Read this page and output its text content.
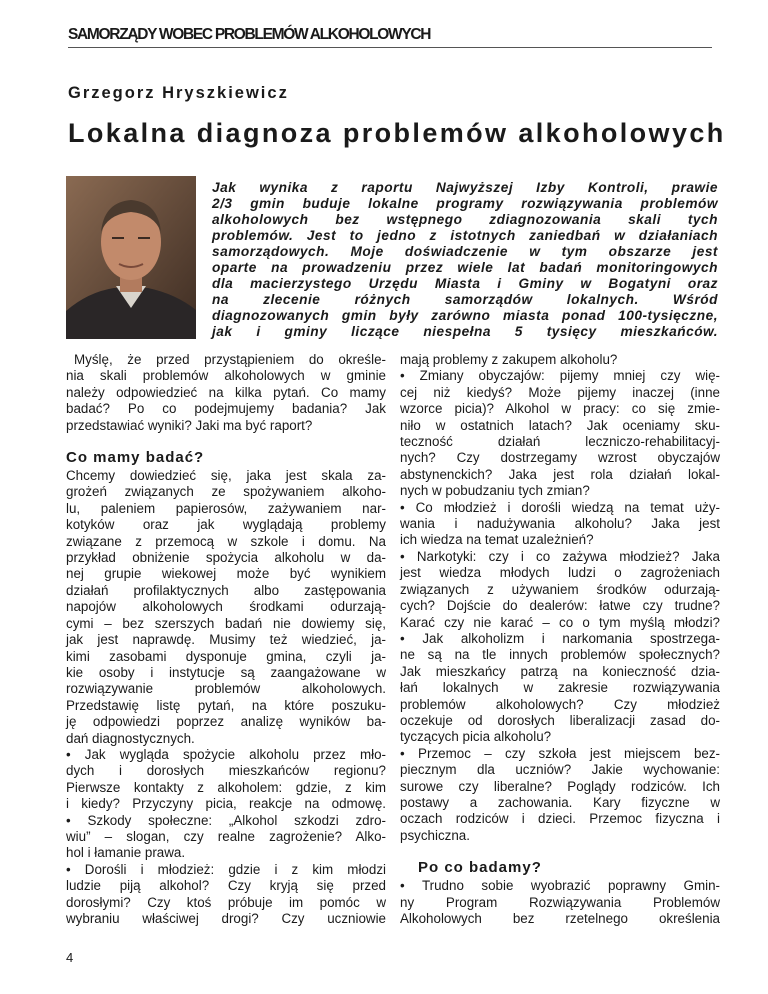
SAMORZĄDY WOBEC PROBLEMÓW ALKOHOLOWYCH
Grzegorz Hryszkiewicz
Lokalna diagnoza problemów alkoholowych
Jak wynika z raportu Najwyższej Izby Kontroli, prawie
2/3 gmin buduje lokalne programy rozwiązywania problemów
alkoholowych bez wstępnego zdiagnozowania skali tych
problemów. Jest to jedno z istotnych zaniedbań w działaniach
samorządowych. Moje doświadczenie w tym obszarze jest
oparte na prowadzeniu przez wiele lat badań monitoringowych
dla macierzystego Urzędu Miasta i Gminy w Bogatyni oraz
na zlecenie różnych samorządów lokalnych. Wśród
diagnozowanych gmin były zarówno miasta ponad 100-tysięczne,
jak i gminy liczące niespełna 5 tysięcy mieszkańców.
Myślę, że przed przystąpieniem do określe-
nia skali problemów alkoholowych w gminie
należy odpowiedzieć na kilka pytań. Co mamy
badać? Po co podejmujemy badania? Jak
przedstawiać wyniki? Jaki ma być raport?
Co mamy badać?
Chcemy dowiedzieć się, jaka jest skala za-
grożeń związanych ze spożywaniem alkoho-
lu, paleniem papierosów, zażywaniem nar-
kotyków oraz jak wyglądają problemy
związane z przemocą w szkole i domu. Na
przykład obniżenie spożycia alkoholu w da-
nej grupie wiekowej może być wynikiem
działań profilaktycznych albo zastępowania
napojów alkoholowych środkami odurzają-
cymi – bez szerszych badań nie dowiemy się,
jak jest naprawdę. Musimy też wiedzieć, ja-
kimi zasobami dysponuje gmina, czyli ja-
kie osoby i instytucje są zaangażowane w
rozwiązywanie problemów alkoholowych.
Przedstawię listę pytań, na które poszuku-
ję odpowiedzi poprzez analizę wyników ba-
dań diagnostycznych.
• Jak wygląda spożycie alkoholu przez mło-
dych i dorosłych mieszkańców regionu?
Pierwsze kontakty z alkoholem: gdzie, z kim
i kiedy? Przyczyny picia, reakcje na odmowę.
• Szkody społeczne: „Alkohol szkodzi zdro-
wiu” – slogan, czy realne zagrożenie? Alko-
hol i łamanie prawa.
• Dorośli i młodzież: gdzie i z kim młodzi
ludzie piją alkohol? Czy kryją się przed
dorosłymi? Czy ktoś próbuje im pomóc w
wybraniu właściwej drogi? Czy uczniowie
mają problemy z zakupem alkoholu?
• Zmiany obyczajów: pijemy mniej czy wię-
cej niż kiedyś? Może pijemy inaczej (inne
wzorce picia)? Alkohol w pracy: co się zmie-
niło w ostatnich latach? Jak oceniamy sku-
teczność działań leczniczo-rehabilitacyj-
nych? Czy dostrzegamy wzrost obyczajów
abstynenckich? Jaka jest rola działań lokal-
nych w pobudzaniu tych zmian?
• Co młodzież i dorośli wiedzą na temat uży-
wania i nadużywania alkoholu? Jaka jest
ich wiedza na temat uzależnień?
• Narkotyki: czy i co zażywa młodzież? Jaka
jest wiedza młodych ludzi o zagrożeniach
związanych z używaniem środków odurzają-
cych? Dojście do dealerów: łatwe czy trudne?
Karać czy nie karać – co o tym myślą młodzi?
• Jak alkoholizm i narkomania spostrzega-
ne są na tle innych problemów społecznych?
Jak mieszkańcy patrzą na konieczność dzia-
łań lokalnych w zakresie rozwiązywania
problemów alkoholowych? Czy młodzież
oczekuje od dorosłych liberalizacji zasad do-
tyczących picia alkoholu?
• Przemoc – czy szkoła jest miejscem bez-
piecznym dla uczniów? Jakie wychowanie:
surowe czy liberalne? Poglądy rodziców. Ich
postawy a zachowania. Kary fizyczne w
oczach rodziców i dzieci. Przemoc fizyczna i
psychiczna.
Po co badamy?
• Trudno sobie wyobrazić poprawny Gmin-
ny Program Rozwiązywania Problemów
Alkoholowych bez rzetelnego określenia
4
